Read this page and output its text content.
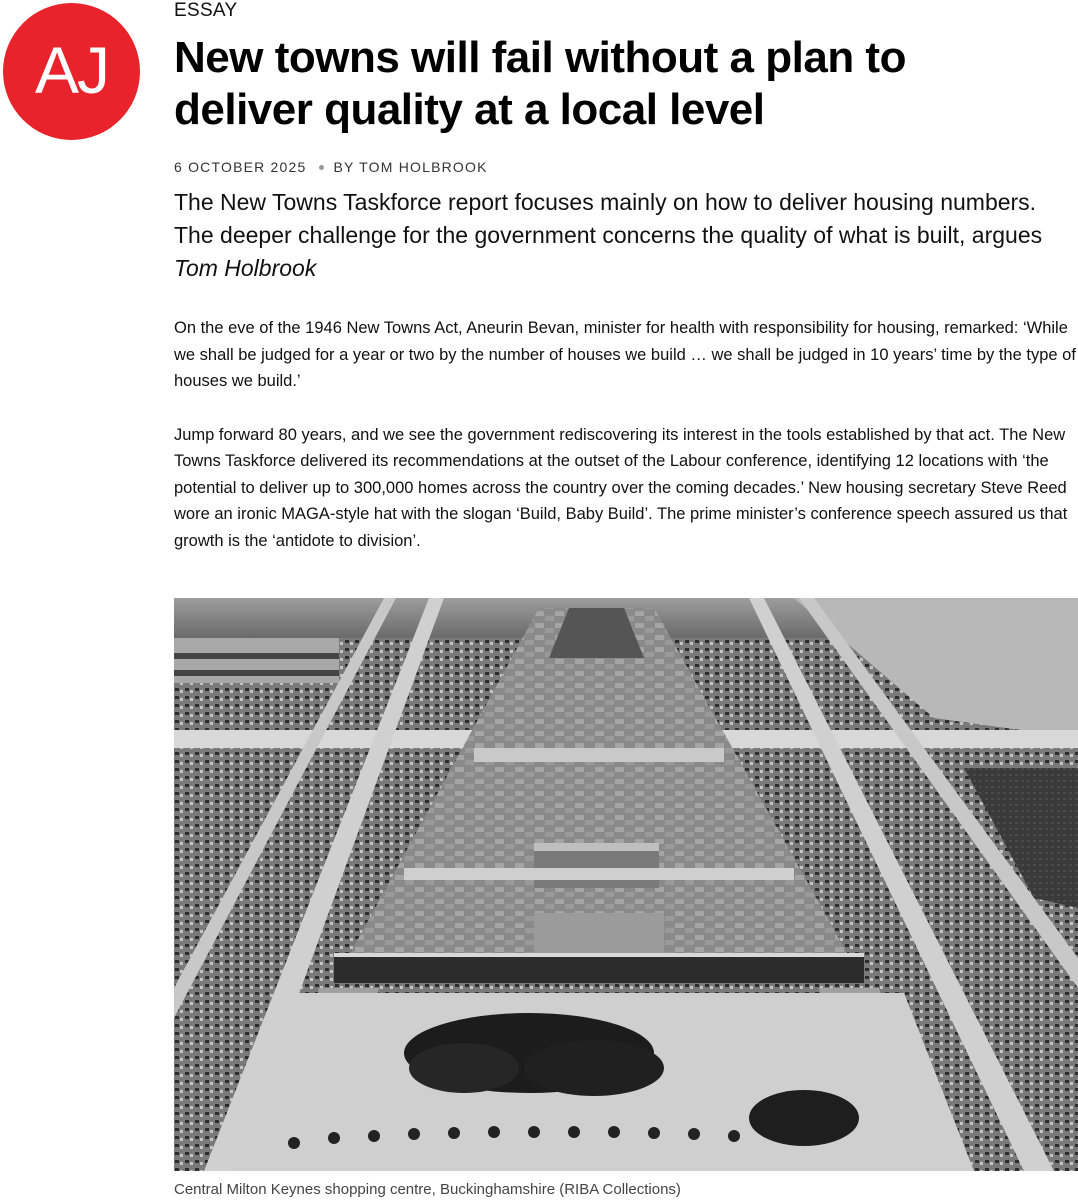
AJ
ESSAY
New towns will fail without a plan to deliver quality at a local level
6 OCTOBER 2025 BY TOM HOLBROOK
The New Towns Taskforce report focuses mainly on how to deliver housing numbers. The deeper challenge for the government concerns the quality of what is built, argues Tom Holbrook

On the eve of the 1946 New Towns Act, Aneurin Bevan, minister for health with responsibility for housing, remarked: ‘While we shall be judged for a year or two by the number of houses we build … we shall be judged in 10 years’ time by the type of houses we build.’

Jump forward 80 years, and we see the government rediscovering its interest in the tools established by that act. The New Towns Taskforce delivered its recommendations at the outset of the Labour conference, identifying 12 locations with ‘the potential to deliver up to 300,000 homes across the country over the coming decades.’ New housing secretary Steve Reed wore an ironic MAGA-style hat with the slogan ‘Build, Baby Build’. The prime minister’s conference speech assured us that growth is the ‘antidote to division’.

Central Milton Keynes shopping centre, Buckinghamshire (RIBA Collections)
